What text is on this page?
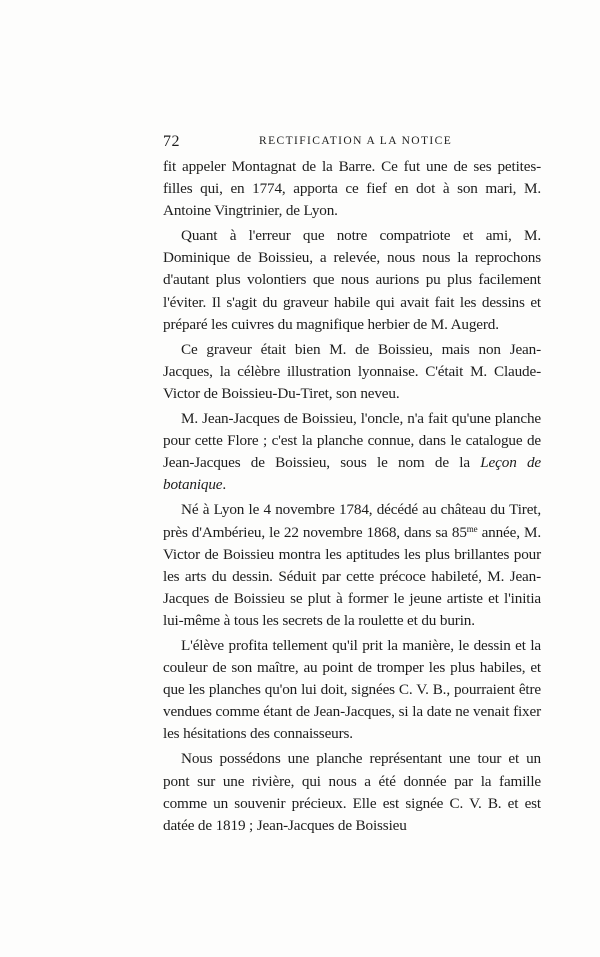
72	RECTIFICATION A LA NOTICE

fit appeler Montagnat de la Barre. Ce fut une de ses petites-filles qui, en 1774, apporta ce fief en dot à son mari, M. Antoine Vingtrinier, de Lyon.

Quant à l'erreur que notre compatriote et ami, M. Dominique de Boissieu, a relevée, nous nous la reprochons d'autant plus volontiers que nous aurions pu plus facilement l'éviter. Il s'agit du graveur habile qui avait fait les dessins et préparé les cuivres du magnifique herbier de M. Augerd.

Ce graveur était bien M. de Boissieu, mais non Jean-Jacques, la célèbre illustration lyonnaise. C'était M. Claude-Victor de Boissieu-Du-Tiret, son neveu.

M. Jean-Jacques de Boissieu, l'oncle, n'a fait qu'une planche pour cette Flore ; c'est la planche connue, dans le catalogue de Jean-Jacques de Boissieu, sous le nom de la Leçon de botanique.

Né à Lyon le 4 novembre 1784, décédé au château du Tiret, près d'Ambérieu, le 22 novembre 1868, dans sa $85^{me}$ année, M. Victor de Boissieu montra les aptitudes les plus brillantes pour les arts du dessin. Séduit par cette précoce habileté, M. Jean-Jacques de Boissieu se plut à former le jeune artiste et l'initia lui-même à tous les secrets de la roulette et du burin.

L'élève profita tellement qu'il prit la manière, le dessin et la couleur de son maître, au point de tromper les plus habiles, et que les planches qu'on lui doit, signées C. V. B., pourraient être vendues comme étant de Jean-Jacques, si la date ne venait fixer les hésitations des connaisseurs.

Nous possédons une planche représentant une tour et un pont sur une rivière, qui nous a été donnée par la famille comme un souvenir précieux. Elle est signée C. V. B. et est datée de 1819 ; Jean-Jacques de Boissieu
